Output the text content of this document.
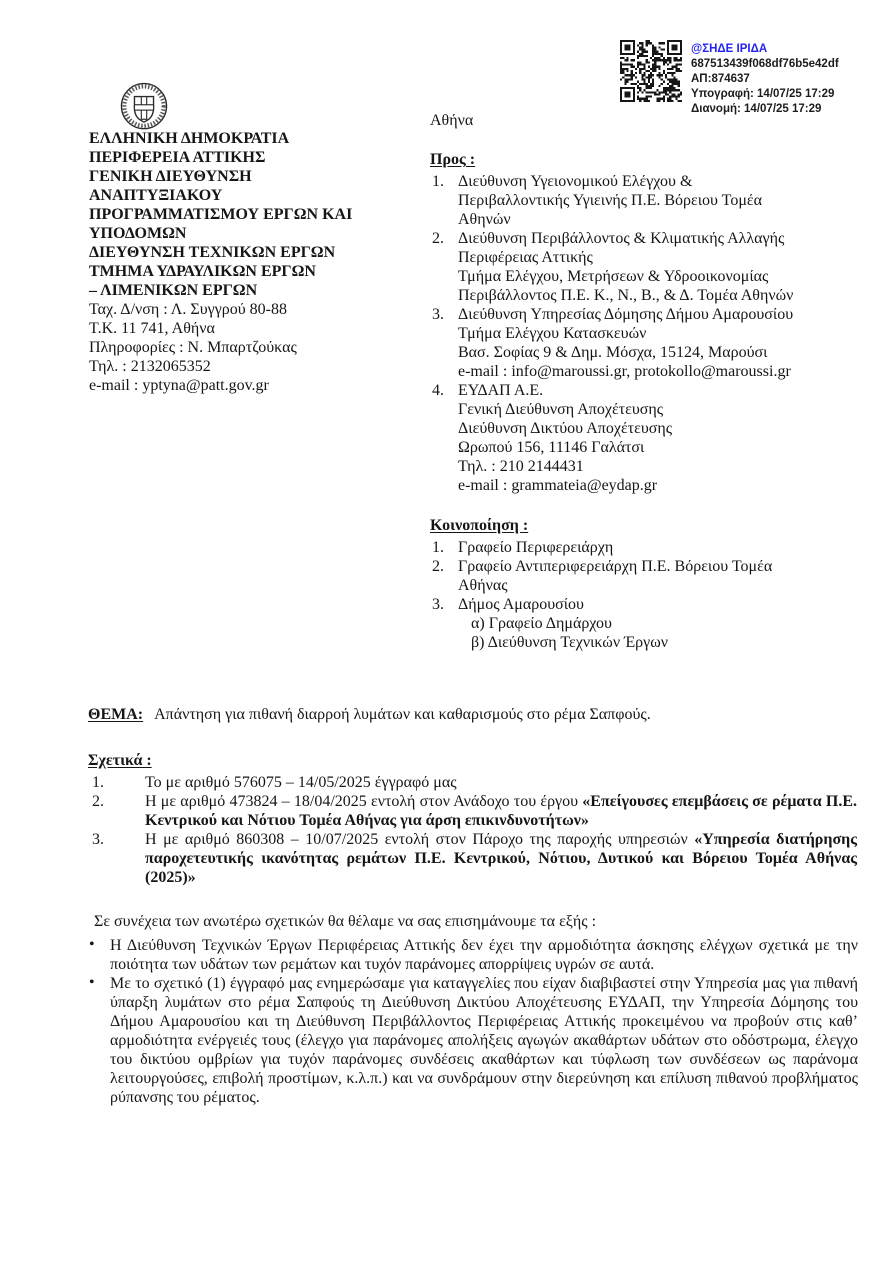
@ΣΗΔΕ ΙΡΙΔΑ
687513439f068df76b5e42df
ΑΠ:874637
Υπογραφή: 14/07/25 17:29
Διανομή: 14/07/25 17:29
ΕΛΛΗΝΙΚΗ ΔΗΜΟΚΡΑΤΙΑ
ΠΕΡΙΦΕΡΕΙΑ ΑΤΤΙΚΗΣ
ΓΕΝΙΚΗ ΔΙΕΥΘΥΝΣΗ
ΑΝΑΠΤΥΞΙΑΚΟΥ
ΠΡΟΓΡΑΜΜΑΤΙΣΜΟΥ ΕΡΓΩΝ ΚΑΙ
ΥΠΟΔΟΜΩΝ
ΔΙΕΥΘΥΝΣΗ ΤΕΧΝΙΚΩΝ ΕΡΓΩΝ
ΤΜΗΜΑ ΥΔΡΑΥΛΙΚΩΝ ΕΡΓΩΝ
– ΛΙΜΕΝΙΚΩΝ ΕΡΓΩΝ
Ταχ. Δ/νση : Λ. Συγγρού 80-88
Τ.Κ. 11 741, Αθήνα
Πληροφορίες : Ν. Μπαρτζούκας
Τηλ. : 2132065352
e-mail : yptyna@patt.gov.gr
Αθήνα
Προς :
1. Διεύθυνση Υγειονομικού Ελέγχου &
Περιβαλλοντικής Υγιεινής Π.Ε. Βόρειου Τομέα
Αθηνών
2. Διεύθυνση Περιβάλλοντος & Κλιματικής Αλλαγής
Περιφέρειας Αττικής
Τμήμα Ελέγχου, Μετρήσεων & Υδροοικονομίας
Περιβάλλοντος Π.Ε. Κ., Ν., Β., & Δ. Τομέα Αθηνών
3. Διεύθυνση Υπηρεσίας Δόμησης Δήμου Αμαρουσίου
Τμήμα Ελέγχου Κατασκευών
Βασ. Σοφίας 9 & Δημ. Μόσχα, 15124, Μαρούσι
e-mail : info@maroussi.gr, protokollo@maroussi.gr
4. ΕΥΔΑΠ Α.Ε.
Γενική Διεύθυνση Αποχέτευσης
Διεύθυνση Δικτύου Αποχέτευσης
Ωρωπού 156, 11146 Γαλάτσι
Τηλ. : 210 2144431
e-mail : grammateia@eydap.gr
Κοινοποίηση :
1. Γραφείο Περιφερειάρχη
2. Γραφείο Αντιπεριφερειάρχη Π.Ε. Βόρειου Τομέα
Αθήνας
3. Δήμος Αμαρουσίου
α) Γραφείο Δημάρχου
β) Διεύθυνση Τεχνικών Έργων
ΘΕΜΑ: Απάντηση για πιθανή διαρροή λυμάτων και καθαρισμούς στο ρέμα Σαπφούς.
Σχετικά :
1.	Το με αριθμό 576075 – 14/05/2025 έγγραφό μας
2.	Η με αριθμό 473824 – 18/04/2025 εντολή στον Ανάδοχο του έργου «Επείγουσες επεμβάσεις σε ρέματα Π.Ε. Κεντρικού και Νότιου Τομέα Αθήνας για άρση επικινδυνοτήτων»
3.	Η με αριθμό 860308 – 10/07/2025 εντολή στον Πάροχο της παροχής υπηρεσιών «Υπηρεσία διατήρησης παροχετευτικής ικανότητας ρεμάτων Π.Ε. Κεντρικού, Νότιου, Δυτικού και Βόρειου Τομέα Αθήνας (2025)»
Σε συνέχεια των ανωτέρω σχετικών θα θέλαμε να σας επισημάνουμε τα εξής :
• Η Διεύθυνση Τεχνικών Έργων Περιφέρειας Αττικής δεν έχει την αρμοδιότητα άσκησης ελέγχων σχετικά με την ποιότητα των υδάτων των ρεμάτων και τυχόν παράνομες απορρίψεις υγρών σε αυτά.
• Με το σχετικό (1) έγγραφό μας ενημερώσαμε για καταγγελίες που είχαν διαβιβαστεί στην Υπηρεσία μας για πιθανή ύπαρξη λυμάτων στο ρέμα Σαπφούς τη Διεύθυνση Δικτύου Αποχέτευσης ΕΥΔΑΠ, την Υπηρεσία Δόμησης του Δήμου Αμαρουσίου και τη Διεύθυνση Περιβάλλοντος Περιφέρειας Αττικής προκειμένου να προβούν στις καθ’ αρμοδιότητα ενέργειές τους (έλεγχο για παράνομες απολήξεις αγωγών ακαθάρτων υδάτων στο οδόστρωμα, έλεγχο του δικτύου ομβρίων για τυχόν παράνομες συνδέσεις ακαθάρτων και τύφλωση των συνδέσεων ως παράνομα λειτουργούσες, επιβολή προστίμων, κ.λ.π.) και να συνδράμουν στην διερεύνηση και επίλυση πιθανού προβλήματος ρύπανσης του ρέματος.
